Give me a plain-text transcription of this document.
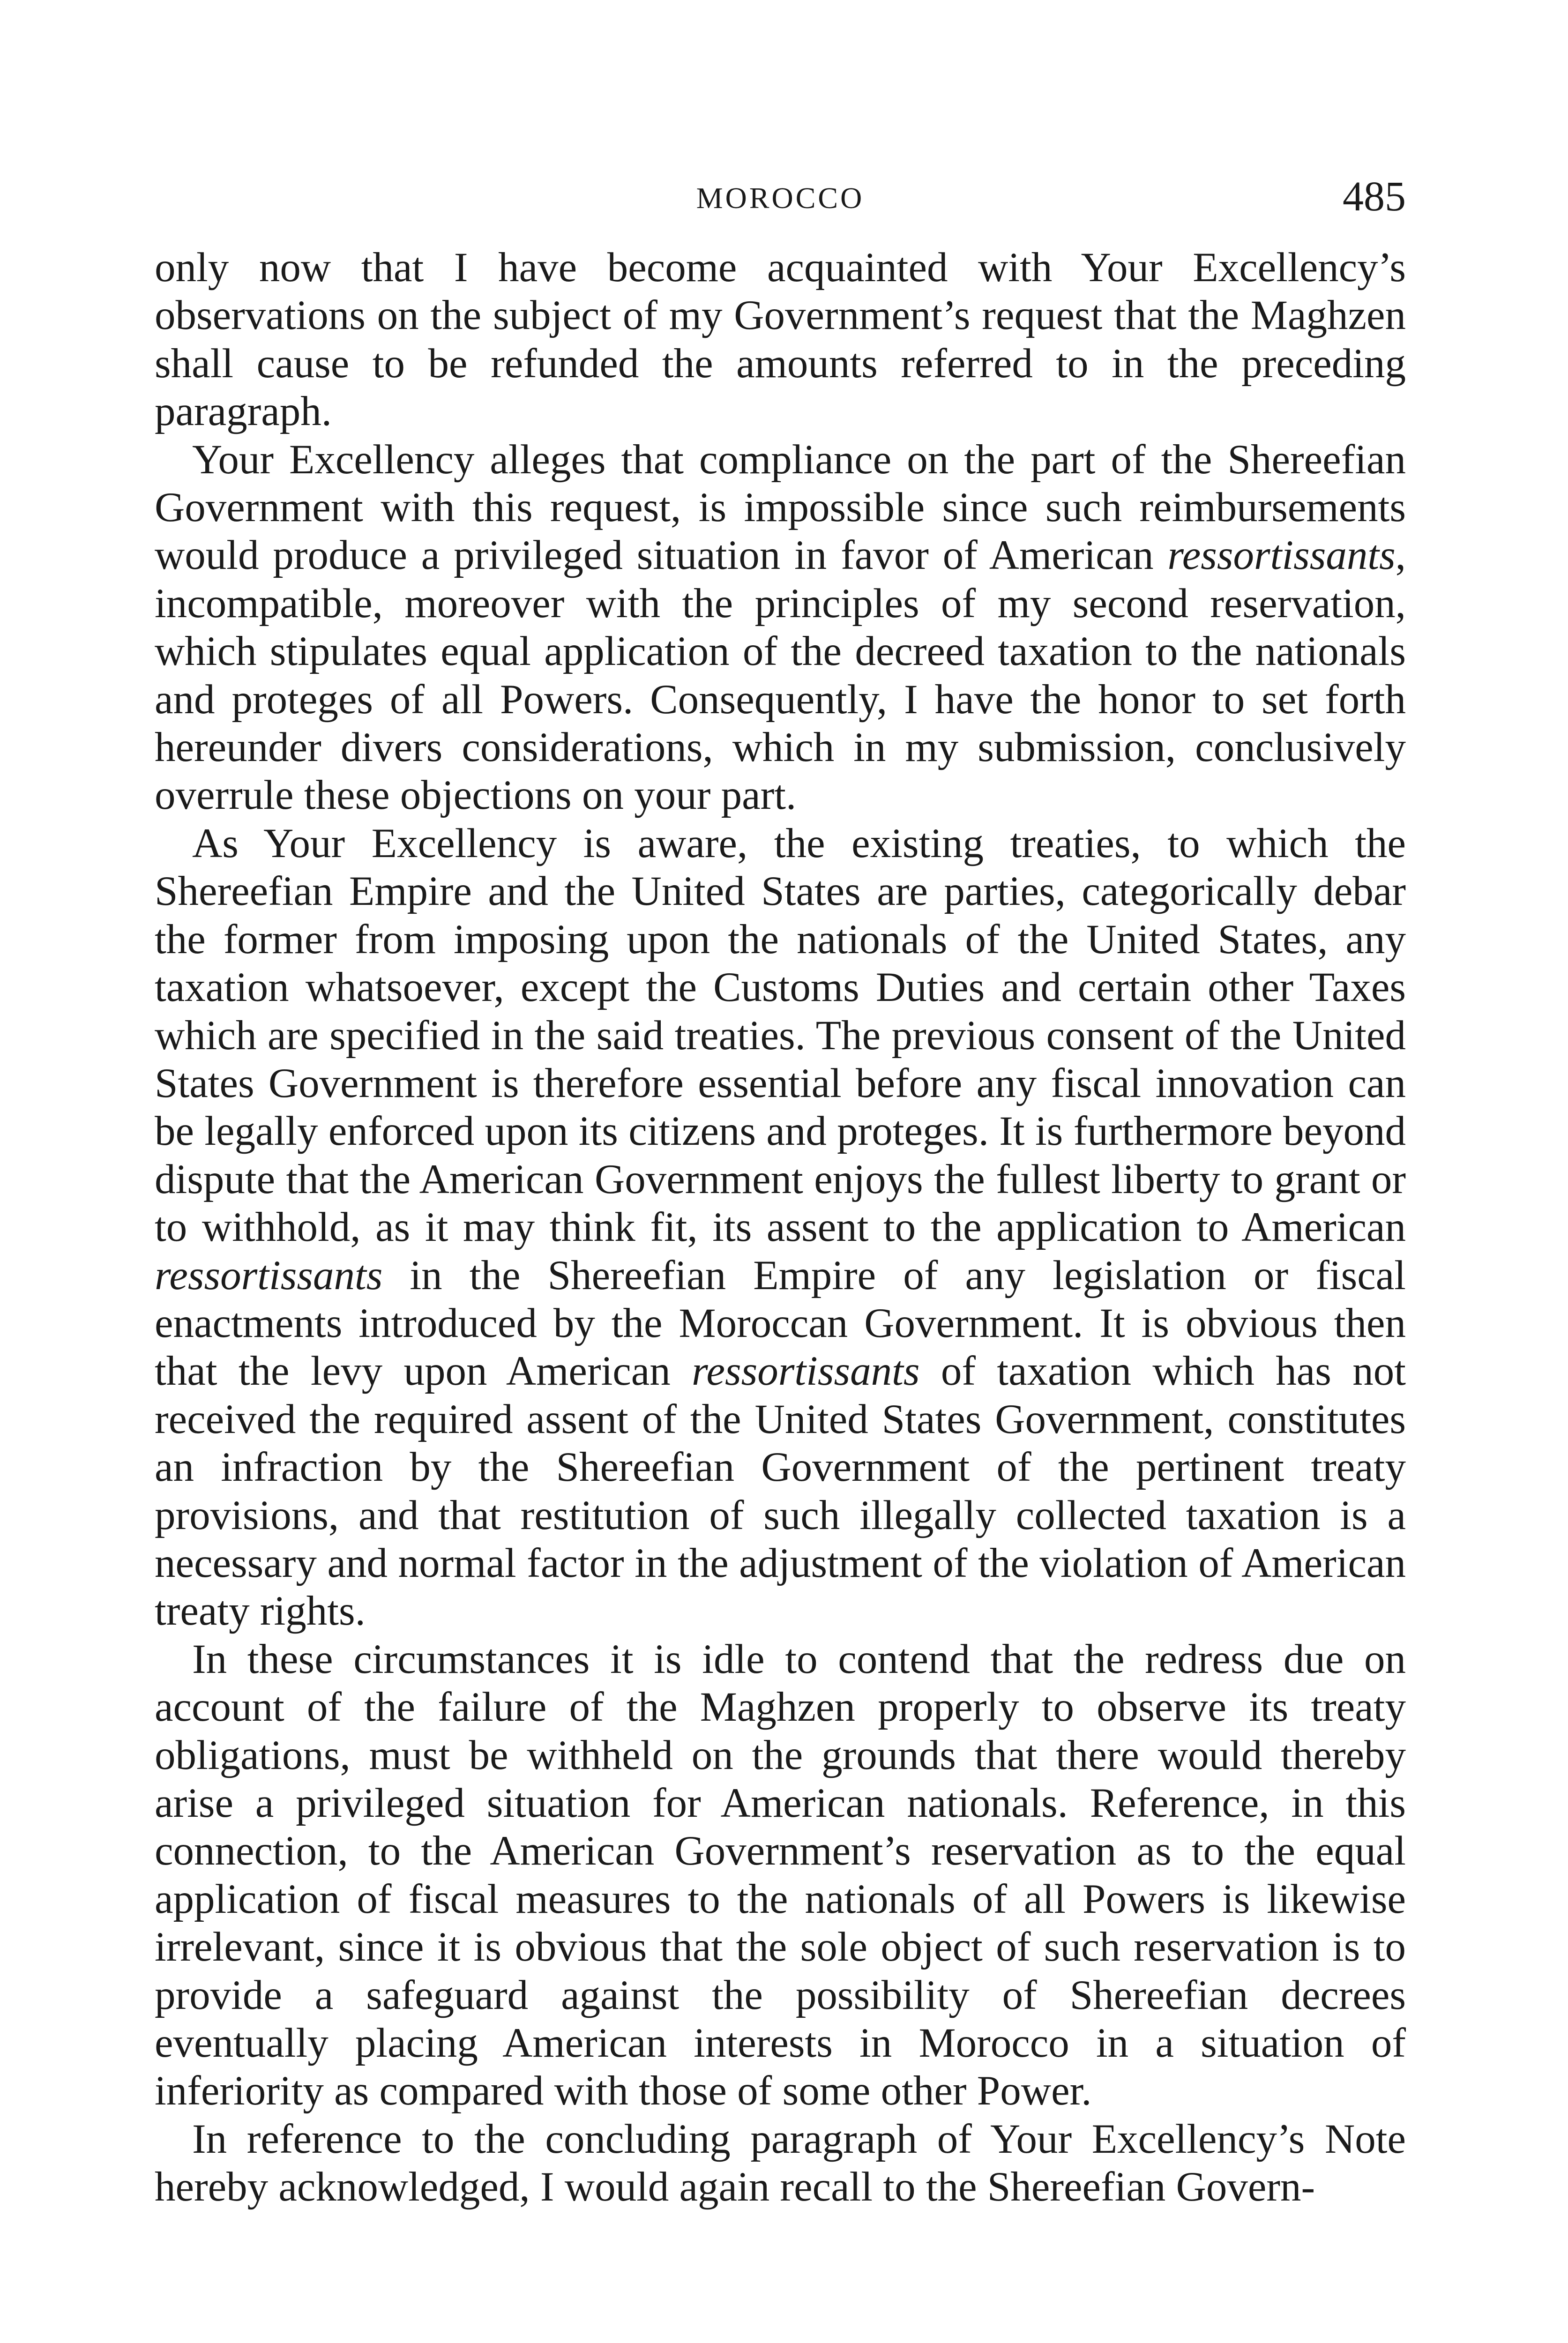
MOROCCO	485

only now that I have become acquainted with Your Excellency’s observations on the subject of my Government’s request that the Maghzen shall cause to be refunded the amounts referred to in the preceding paragraph.

Your Excellency alleges that compliance on the part of the Shereefian Government with this request, is impossible since such reimbursements would produce a privileged situation in favor of American ressortissants, incompatible, moreover with the principles of my second reservation, which stipulates equal application of the decreed taxation to the nationals and proteges of all Powers. Consequently, I have the honor to set forth hereunder divers considerations, which in my submission, conclusively overrule these objections on your part.

As Your Excellency is aware, the existing treaties, to which the Shereefian Empire and the United States are parties, categorically debar the former from imposing upon the nationals of the United States, any taxation whatsoever, except the Customs Duties and certain other Taxes which are specified in the said treaties. The previous consent of the United States Government is therefore essential before any fiscal innovation can be legally enforced upon its citizens and proteges. It is furthermore beyond dispute that the American Government enjoys the fullest liberty to grant or to withhold, as it may think fit, its assent to the application to American ressortissants in the Shereefian Empire of any legislation or fiscal enactments introduced by the Moroccan Government. It is obvious then that the levy upon American ressortissants of taxation which has not received the required assent of the United States Government, constitutes an infraction by the Shereefian Government of the pertinent treaty provisions, and that restitution of such illegally collected taxation is a necessary and normal factor in the adjustment of the violation of American treaty rights.

In these circumstances it is idle to contend that the redress due on account of the failure of the Maghzen properly to observe its treaty obligations, must be withheld on the grounds that there would thereby arise a privileged situation for American nationals. Reference, in this connection, to the American Government’s reservation as to the equal application of fiscal measures to the nationals of all Powers is likewise irrelevant, since it is obvious that the sole object of such reservation is to provide a safeguard against the possibility of Shereefian decrees eventually placing American interests in Morocco in a situation of inferiority as compared with those of some other Power.

In reference to the concluding paragraph of Your Excellency’s Note hereby acknowledged, I would again recall to the Shereefian Govern-
